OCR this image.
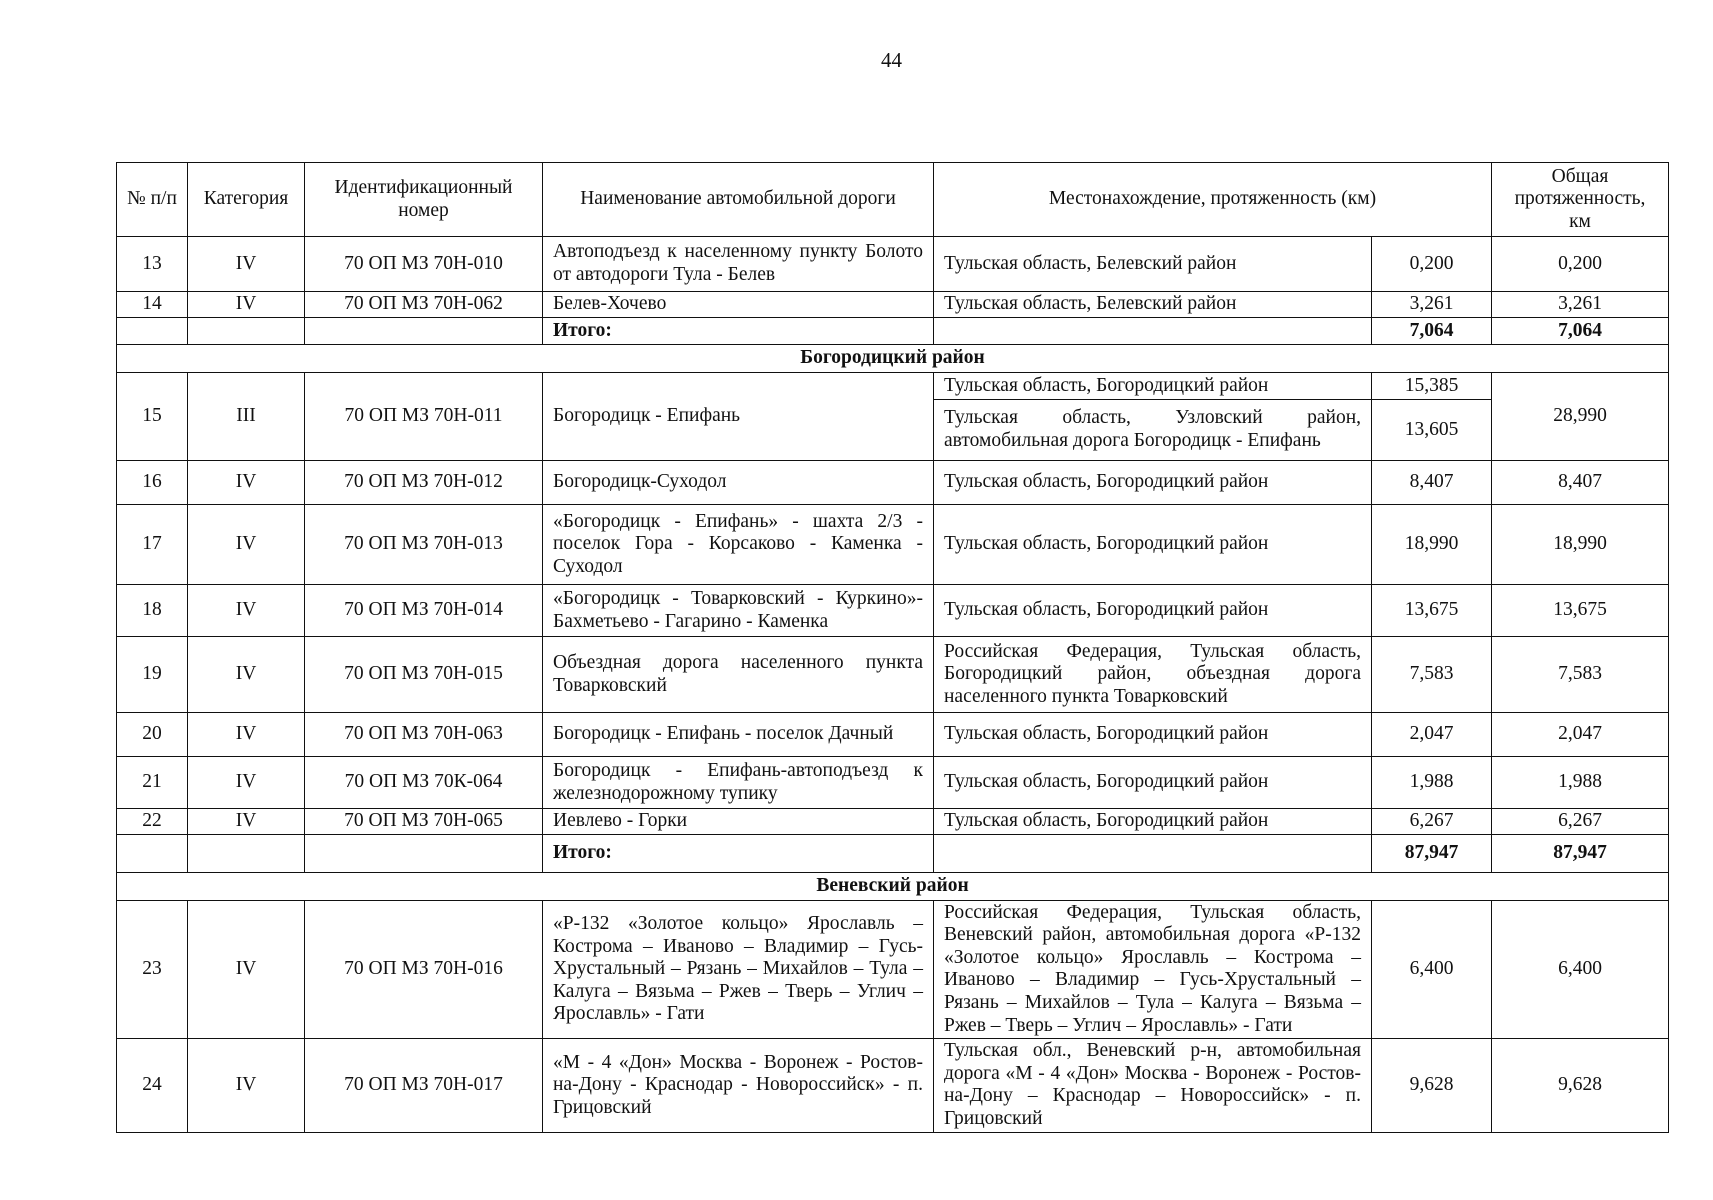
44
№ п/п	Категория	Идентификационный номер	Наименование автомобильной дороги	Местонахождение, протяженность (км)		Общая протяженность, км
13	IV	70 ОП МЗ 70Н-010	Автоподъезд к населенному пункту Болото от автодороги Тула - Белев	Тульская область, Белевский район	0,200	0,200
14	IV	70 ОП МЗ 70Н-062	Белев-Хочево	Тульская область, Белевский район	3,261	3,261
			Итого:		7,064	7,064
Богородицкий район						
15	III	70 ОП МЗ 70Н-011	Богородицк - Епифань	Тульская область, Богородицкий район	15,385	28,990
				Тульская область, Узловский район, автомобильная дорога Богородицк - Епифань	13,605	
16	IV	70 ОП МЗ 70Н-012	Богородицк-Суходол	Тульская область, Богородицкий район	8,407	8,407
17	IV	70 ОП МЗ 70Н-013	«Богородицк - Епифань» - шахта 2/3 - поселок Гора - Корсаково - Каменка - Суходол	Тульская область, Богородицкий район	18,990	18,990
18	IV	70 ОП МЗ 70Н-014	«Богородицк - Товарковский - Куркино»- Бахметьево - Гагарино - Каменка	Тульская область, Богородицкий район	13,675	13,675
19	IV	70 ОП МЗ 70Н-015	Объездная дорога населенного пункта Товарковский	Российская Федерация, Тульская область, Богородицкий район, объездная дорога населенного пункта Товарковский	7,583	7,583
20	IV	70 ОП МЗ 70Н-063	Богородицк - Епифань - поселок Дачный	Тульская область, Богородицкий район	2,047	2,047
21	IV	70 ОП МЗ 70К-064	Богородицк - Епифань-автоподъезд к железнодорожному тупику	Тульская область, Богородицкий район	1,988	1,988
22	IV	70 ОП МЗ 70Н-065	Иевлево - Горки	Тульская область, Богородицкий район	6,267	6,267
			Итого:		87,947	87,947
Веневский район						
23	IV	70 ОП МЗ 70Н-016	«Р-132 «Золотое кольцо» Ярославль – Кострома – Иваново – Владимир – Гусь-Хрустальный – Рязань – Михайлов – Тула – Калуга – Вязьма – Ржев – Тверь – Углич – Ярославль» - Гати	Российская Федерация, Тульская область, Веневский район, автомобильная дорога «Р-132 «Золотое кольцо» Ярославль – Кострома – Иваново – Владимир – Гусь-Хрустальный – Рязань – Михайлов – Тула – Калуга – Вязьма – Ржев – Тверь – Углич – Ярославль» - Гати	6,400	6,400
24	IV	70 ОП МЗ 70Н-017	«М - 4 «Дон» Москва - Воронеж - Ростов-на-Дону - Краснодар - Новороссийск» - п. Грицовский	Тульская обл., Веневский р-н, автомобильная дорога «М - 4 «Дон» Москва - Воронеж - Ростов-на-Дону – Краснодар – Новороссийск» - п. Грицовский	9,628	9,628
